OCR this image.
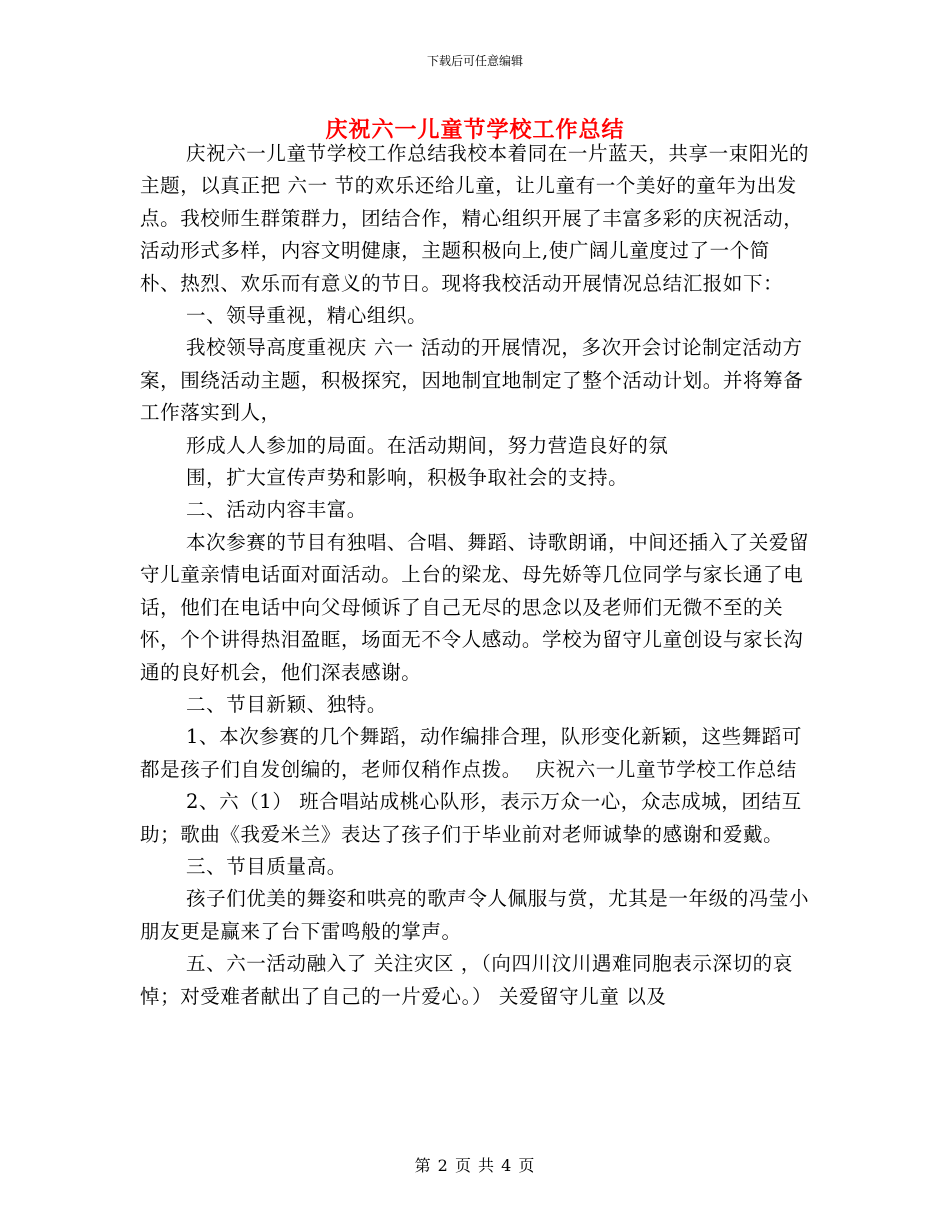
下载后可任意编辑
庆祝六一儿童节学校工作总结

庆祝六一儿童节学校工作总结我校本着同在一片蓝天，共享一束阳光的主题，以真正把 六一 节的欢乐还给儿童，让儿童有一个美好的童年为出发点。我校师生群策群力，团结合作，精心组织开展了丰富多彩的庆祝活动，活动形式多样，内容文明健康，主题积极向上,使广阔儿童度过了一个简朴、热烈、欢乐而有意义的节日。现将我校活动开展情况总结汇报如下：

一、领导重视，精心组织。

我校领导高度重视庆 六一 活动的开展情况，多次开会讨论制定活动方案，围绕活动主题，积极探究，因地制宜地制定了整个活动计划。并将筹备工作落实到人，

形成人人参加的局面。在活动期间，努力营造良好的氛

围，扩大宣传声势和影响，积极争取社会的支持。

二、活动内容丰富。

本次参赛的节目有独唱、合唱、舞蹈、诗歌朗诵，中间还插入了关爱留守儿童亲情电话面对面活动。上台的梁龙、母先娇等几位同学与家长通了电话，他们在电话中向父母倾诉了自己无尽的思念以及老师们无微不至的关怀，个个讲得热泪盈眶，场面无不令人感动。学校为留守儿童创设与家长沟通的良好机会，他们深表感谢。

二、节目新颖、独特。

1、本次参赛的几个舞蹈，动作编排合理，队形变化新颖，这些舞蹈可都是孩子们自发创编的，老师仅稍作点拨。  庆祝六一儿童节学校工作总结

2、六（1） 班合唱站成桃心队形，表示万众一心，众志成城，团结互助；歌曲《我爱米兰》表达了孩子们于毕业前对老师诚挚的感谢和爱戴。

三、节目质量高。

孩子们优美的舞姿和哄亮的歌声令人佩服与赏，尤其是一年级的冯莹小朋友更是赢来了台下雷鸣般的掌声。

五、六一活动融入了 关注灾区 ，（向四川汶川遇难同胞表示深切的哀悼；对受难者献出了自己的一片爱心。） 关爱留守儿童 以及

第 2 页 共 4 页
